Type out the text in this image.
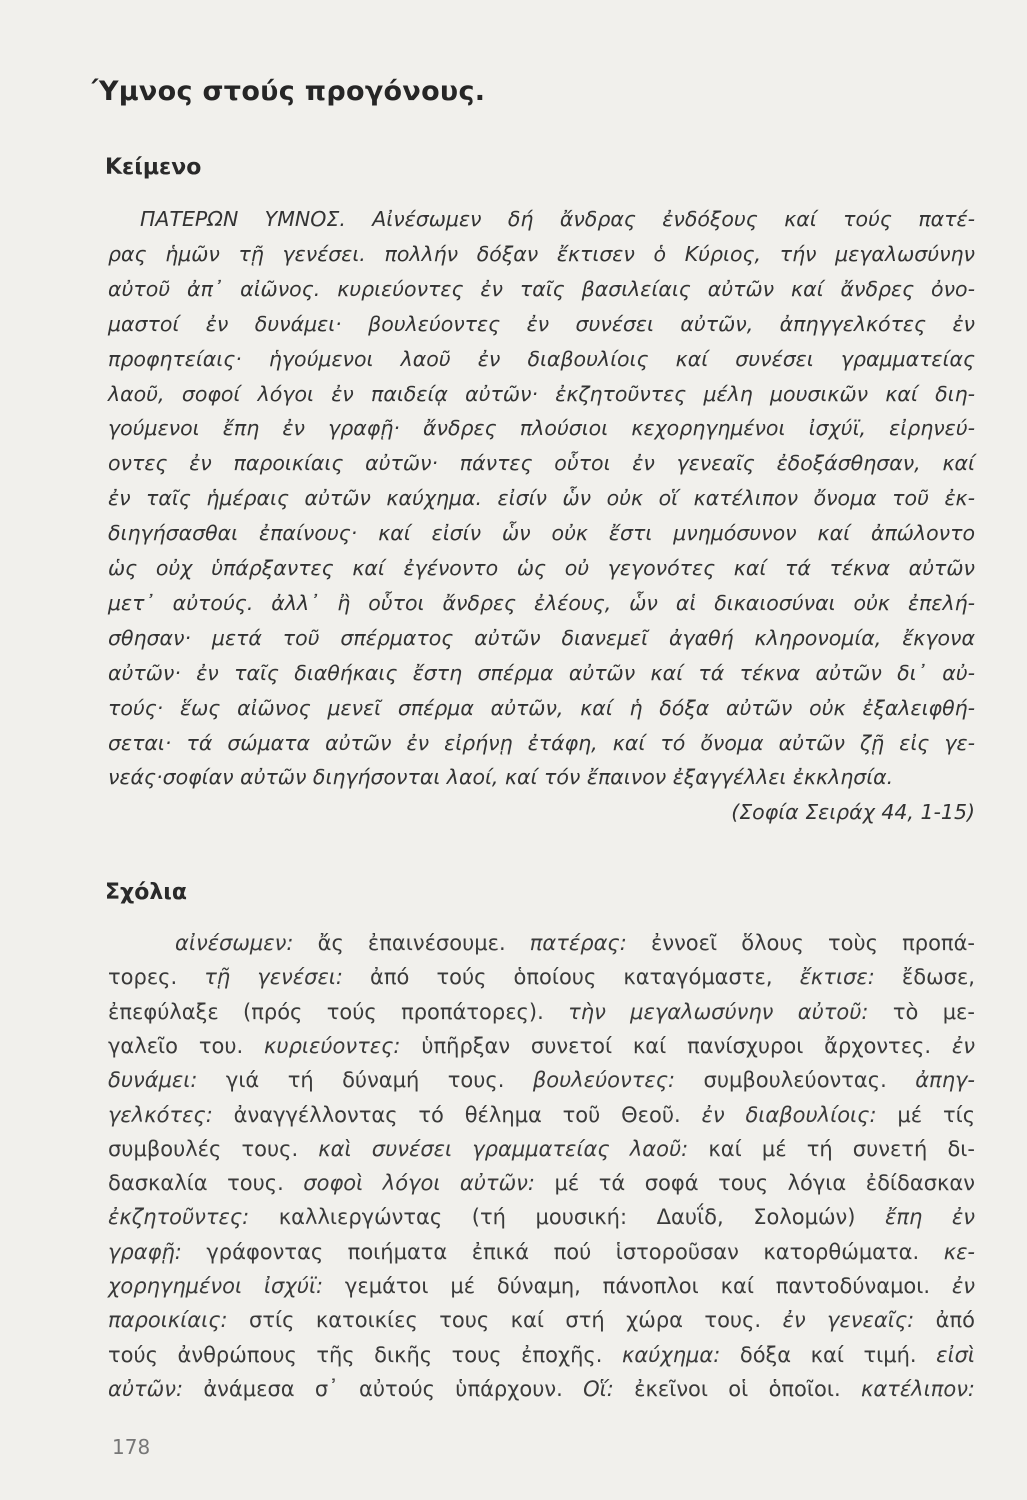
Ύμνος στούς προγόνους.
Κείμενο
ΠΑΤΕΡΩΝ ΥΜΝΟΣ. Αἰνέσωμεν δή ἄνδρας ἐνδόξους καί τούς πατέ-
ρας ἡμῶν τῇ γενέσει. πολλήν δόξαν ἔκτισεν ὁ Κύριος, τήν μεγαλωσύνην
αὐτοῦ ἀπ᾿ αἰῶνος. κυριεύοντες ἐν ταῖς βασιλείαις αὐτῶν καί ἄνδρες ὀνο-
μαστοί ἐν δυνάμει· βουλεύοντες ἐν συνέσει αὐτῶν, ἀπηγγελκότες ἐν
προφητείαις· ἡγούμενοι λαοῦ ἐν διαβουλίοις καί συνέσει γραμματείας
λαοῦ, σοφοί λόγοι ἐν παιδείᾳ αὐτῶν· ἐκζητοῦντες μέλη μουσικῶν καί διη-
γούμενοι ἔπη ἐν γραφῇ· ἄνδρες πλούσιοι κεχορηγημένοι ἰσχύϊ, εἰρηνεύ-
οντες ἐν παροικίαις αὐτῶν· πάντες οὗτοι ἐν γενεαῖς ἐδοξάσθησαν, καί
ἐν ταῖς ἡμέραις αὐτῶν καύχημα. εἰσίν ὧν οὐκ οἵ κατέλιπον ὄνομα τοῦ ἐκ-
διηγήσασθαι ἐπαίνους· καί εἰσίν ὧν οὐκ ἔστι μνημόσυνον καί ἀπώλοντο
ὡς οὐχ ὑπάρξαντες καί ἐγένοντο ὡς οὐ γεγονότες καί τά τέκνα αὐτῶν
μετ᾿ αὐτούς. ἀλλ᾿ ἢ οὗτοι ἄνδρες ἐλέους, ὧν αἱ δικαιοσύναι οὐκ ἐπελή-
σθησαν· μετά τοῦ σπέρματος αὐτῶν διανεμεῖ ἀγαθή κληρονομία, ἔκγονα
αὐτῶν· ἐν ταῖς διαθήκαις ἔστη σπέρμα αὐτῶν καί τά τέκνα αὐτῶν δι᾿ αὐ-
τούς· ἕως αἰῶνος μενεῖ σπέρμα αὐτῶν, καί ἡ δόξα αὐτῶν οὐκ ἐξαλειφθή-
σεται· τά σώματα αὐτῶν ἐν εἰρήνῃ ἐτάφη, καί τό ὄνομα αὐτῶν ζῇ εἰς γε-
νεάς·σοφίαν αὐτῶν διηγήσονται λαοί, καί τόν ἔπαινον ἐξαγγέλλει ἐκκλησία.
(Σοφία Σειράχ 44, 1-15)
Σχόλια
αἰνέσωμεν: ἄς ἐπαινέσουμε. πατέρας: ἐννοεῖ ὅλους τοὺς προπά-
τορες. τῇ γενέσει: ἀπό τούς ὁποίους καταγόμαστε, ἔκτισε: ἔδωσε,
ἐπεφύλαξε (πρός τούς προπάτορες). τὴν μεγαλωσύνην αὐτοῦ: τὸ με-
γαλεῖο του. κυριεύοντες: ὑπῆρξαν συνετοί καί πανίσχυροι ἄρχοντες. ἐν
δυνάμει: γιά τή δύναμή τους. βουλεύοντες: συμβουλεύοντας. ἀπηγ-
γελκότες: ἀναγγέλλοντας τό θέλημα τοῦ Θεοῦ. ἐν διαβουλίοις: μέ τίς
συμβουλές τους. καὶ συνέσει γραμματείας λαοῦ: καί μέ τή συνετή δι-
δασκαλία τους. σοφοὶ λόγοι αὐτῶν: μέ τά σοφά τους λόγια ἐδίδασκαν
ἐκζητοῦντες: καλλιεργώντας (τή μουσική: Δαυΐδ, Σολομών) ἔπη ἐν
γραφῇ: γράφοντας ποιήματα ἐπικά πού ἱστοροῦσαν κατορθώματα. κε-
χορηγημένοι ἰσχύϊ: γεμάτοι μέ δύναμη, πάνοπλοι καί παντοδύναμοι. ἐν
παροικίαις: στίς κατοικίες τους καί στή χώρα τους. ἐν γενεαῖς: ἀπό
τούς ἀνθρώπους τῆς δικῆς τους ἐποχῆς. καύχημα: δόξα καί τιμή. εἰσὶ
αὐτῶν: ἀνάμεσα σ᾿ αὐτούς ὑπάρχουν. Οἵ: ἐκεῖνοι οἱ ὁποῖοι. κατέλιπον:
178
